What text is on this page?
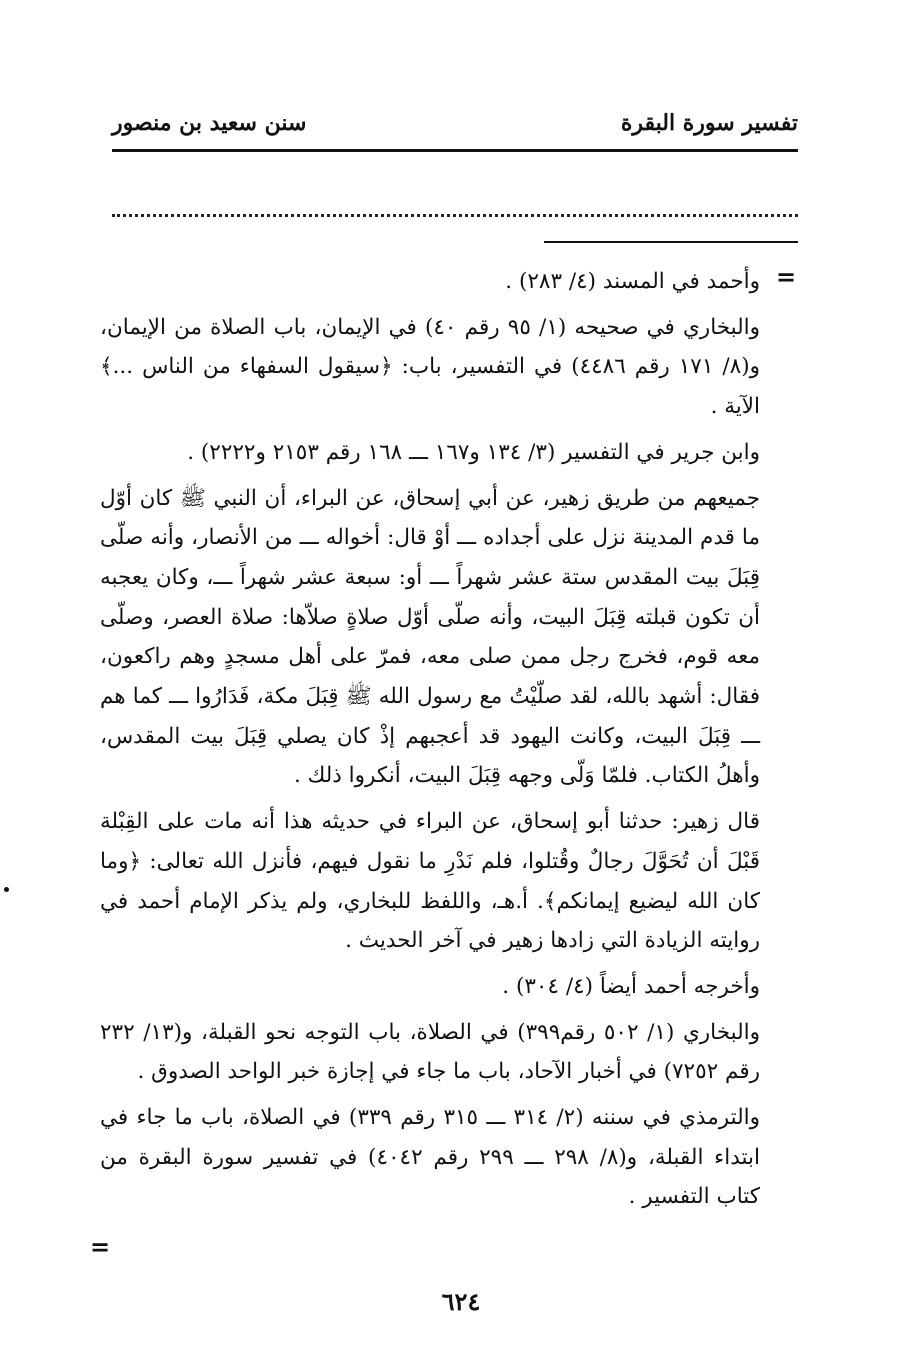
تفسير سورة البقرة
سنن سعيد بن منصور
=

وأحمد في المسند (٤/ ٢٨٣) .

والبخاري في صحيحه (١/ ٩٥ رقم ٤٠) في الإيمان، باب الصلاة من الإيمان، و(٨/ ١٧١ رقم ٤٤٨٦) في التفسير، باب: ﴿سيقول السفهاء من الناس ...﴾ الآية .

وابن جرير في التفسير (٣/ ١٣٤ و١٦٧ ـــ ١٦٨ رقم ٢١٥٣ و٢٢٢٢) .

جميعهم من طريق زهير، عن أبي إسحاق، عن البراء، أن النبي ﷺ كان أوّل ما قدم المدينة نزل على أجداده ـــ أوْ قال: أخواله ـــ من الأنصار، وأنه صلّى قِبَلَ بيت المقدس ستة عشر شهراً ـــ أو: سبعة عشر شهراً ـــ، وكان يعجبه أن تكون قبلته قِبَلَ البيت، وأنه صلّى أوّل صلاةٍ صلاّها: صلاة العصر، وصلّى معه قوم، فخرج رجل ممن صلى معه، فمرّ على أهل مسجدٍ وهم راكعون، فقال: أشهد بالله، لقد صلّيْتُ مع رسول الله ﷺ قِبَلَ مكة، فَدَارُوا ـــ كما هم ـــ قِبَلَ البيت، وكانت اليهود قد أعجبهم إذْ كان يصلي قِبَلَ بيت المقدس، وأهلُ الكتاب. فلمّا وَلّى وجهه قِبَلَ البيت، أنكروا ذلك .

قال زهير: حدثنا أبو إسحاق، عن البراء في حديثه هذا أنه مات على القِبْلة قَبْلَ أن تُحَوَّلَ رجالٌ وقُتلوا، فلم نَدْرِ ما نقول فيهم، فأنزل الله تعالى: ﴿وما كان الله ليضيع إيمانكم﴾. أ.هـ، واللفظ للبخاري، ولم يذكر الإمام أحمد في روايته الزيادة التي زادها زهير في آخر الحديث .

وأخرجه أحمد أيضاً (٤/ ٣٠٤) .

والبخاري (١/ ٥٠٢ رقم٣٩٩) في الصلاة، باب التوجه نحو القبلة، و(١٣/ ٢٣٢ رقم ٧٢٥٢) في أخبار الآحاد، باب ما جاء في إجازة خبر الواحد الصدوق .

والترمذي في سننه (٢/ ٣١٤ ـــ ٣١٥ رقم ٣٣٩) في الصلاة، باب ما جاء في ابتداء القبلة، و(٨/ ٢٩٨ ـــ ٢٩٩ رقم ٤٠٤٢) في تفسير سورة البقرة من كتاب التفسير .

=
٦٢٤
